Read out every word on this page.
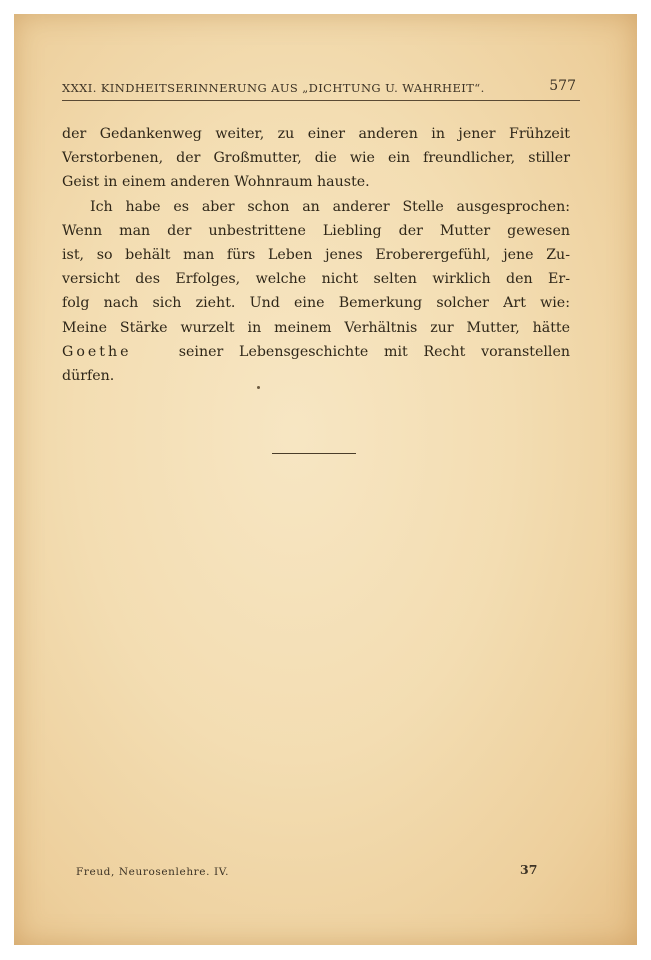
XXXI. KINDHEITSERINNERUNG AUS „DICHTUNG U. WAHRHEIT“.	577
der Gedankenweg weiter, zu einer anderen in jener Frühzeit
Verstorbenen, der Großmutter, die wie ein freundlicher, stiller
Geist in einem anderen Wohnraum hauste.
Ich habe es aber schon an anderer Stelle ausgesprochen:
Wenn man der unbestrittene Liebling der Mutter gewesen
ist, so behält man fürs Leben jenes Eroberergefühl, jene Zu-
versicht des Erfolges, welche nicht selten wirklich den Er-
folg nach sich zieht. Und eine Bemerkung solcher Art wie:
Meine Stärke wurzelt in meinem Verhältnis zur Mutter, hätte
Goethe	seiner Lebensgeschichte mit Recht voranstellen
dürfen.
Freud, Neurosenlehre. IV.	37
